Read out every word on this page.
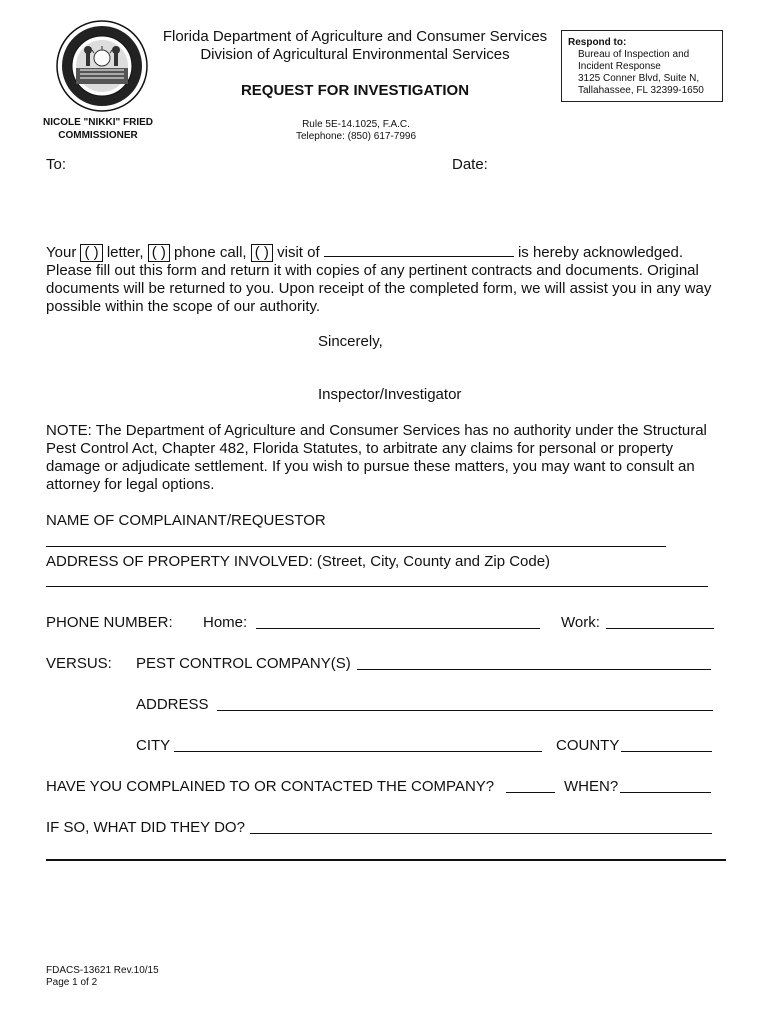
Florida Department of Agriculture and Consumer Services
Division of Agricultural Environmental Services
REQUEST FOR INVESTIGATION
NICOLE "NIKKI" FRIED
COMMISSIONER
Rule 5E-14.1025, F.A.C.
Telephone: (850) 617-7996
Respond to:
Bureau of Inspection and
Incident Response
3125 Conner Blvd, Suite N,
Tallahassee, FL 32399-1650
To:	Date:
Your ( ) letter, ( ) phone call, ( ) visit of	is hereby acknowledged.
Please fill out this form and return it with copies of any pertinent contracts and documents. Original
documents will be returned to you. Upon receipt of the completed form, we will assist you in any way
possible within the scope of our authority.
Sincerely,
Inspector/Investigator
NOTE: The Department of Agriculture and Consumer Services has no authority under the Structural
Pest Control Act, Chapter 482, Florida Statutes, to arbitrate any claims for personal or property
damage or adjudicate settlement. If you wish to pursue these matters, you may want to consult an
attorney for legal options.
NAME OF COMPLAINANT/REQUESTOR
ADDRESS OF PROPERTY INVOLVED: (Street, City, County and Zip Code)
PHONE NUMBER: Home:	Work:
VERSUS: PEST CONTROL COMPANY(S)
ADDRESS
CITY	COUNTY
HAVE YOU COMPLAINED TO OR CONTACTED THE COMPANY?	WHEN?
IF SO, WHAT DID THEY DO?
FDACS-13621 Rev.10/15
Page 1 of 2
